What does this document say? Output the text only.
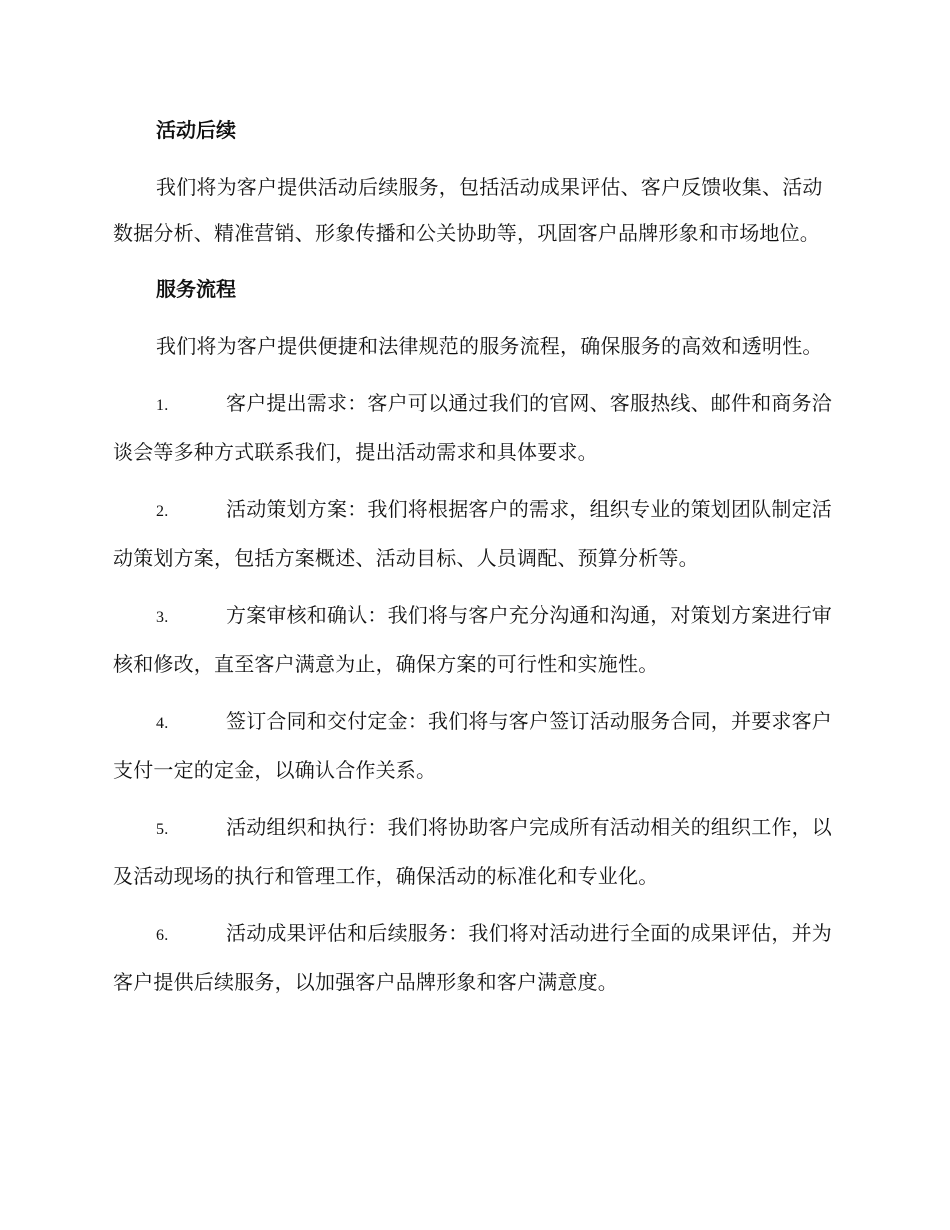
活动后续

我们将为客户提供活动后续服务，包括活动成果评估、客户反馈收集、活动数据分析、精准营销、形象传播和公关协助等，巩固客户品牌形象和市场地位。

服务流程

我们将为客户提供便捷和法律规范的服务流程，确保服务的高效和透明性。

1.	客户提出需求：客户可以通过我们的官网、客服热线、邮件和商务洽谈会等多种方式联系我们，提出活动需求和具体要求。

2.	活动策划方案：我们将根据客户的需求，组织专业的策划团队制定活动策划方案，包括方案概述、活动目标、人员调配、预算分析等。

3.	方案审核和确认：我们将与客户充分沟通和沟通，对策划方案进行审核和修改，直至客户满意为止，确保方案的可行性和实施性。

4.	签订合同和交付定金：我们将与客户签订活动服务合同，并要求客户支付一定的定金，以确认合作关系。

5.	活动组织和执行：我们将协助客户完成所有活动相关的组织工作，以及活动现场的执行和管理工作，确保活动的标准化和专业化。

6.	活动成果评估和后续服务：我们将对活动进行全面的成果评估，并为客户提供后续服务，以加强客户品牌形象和客户满意度。
